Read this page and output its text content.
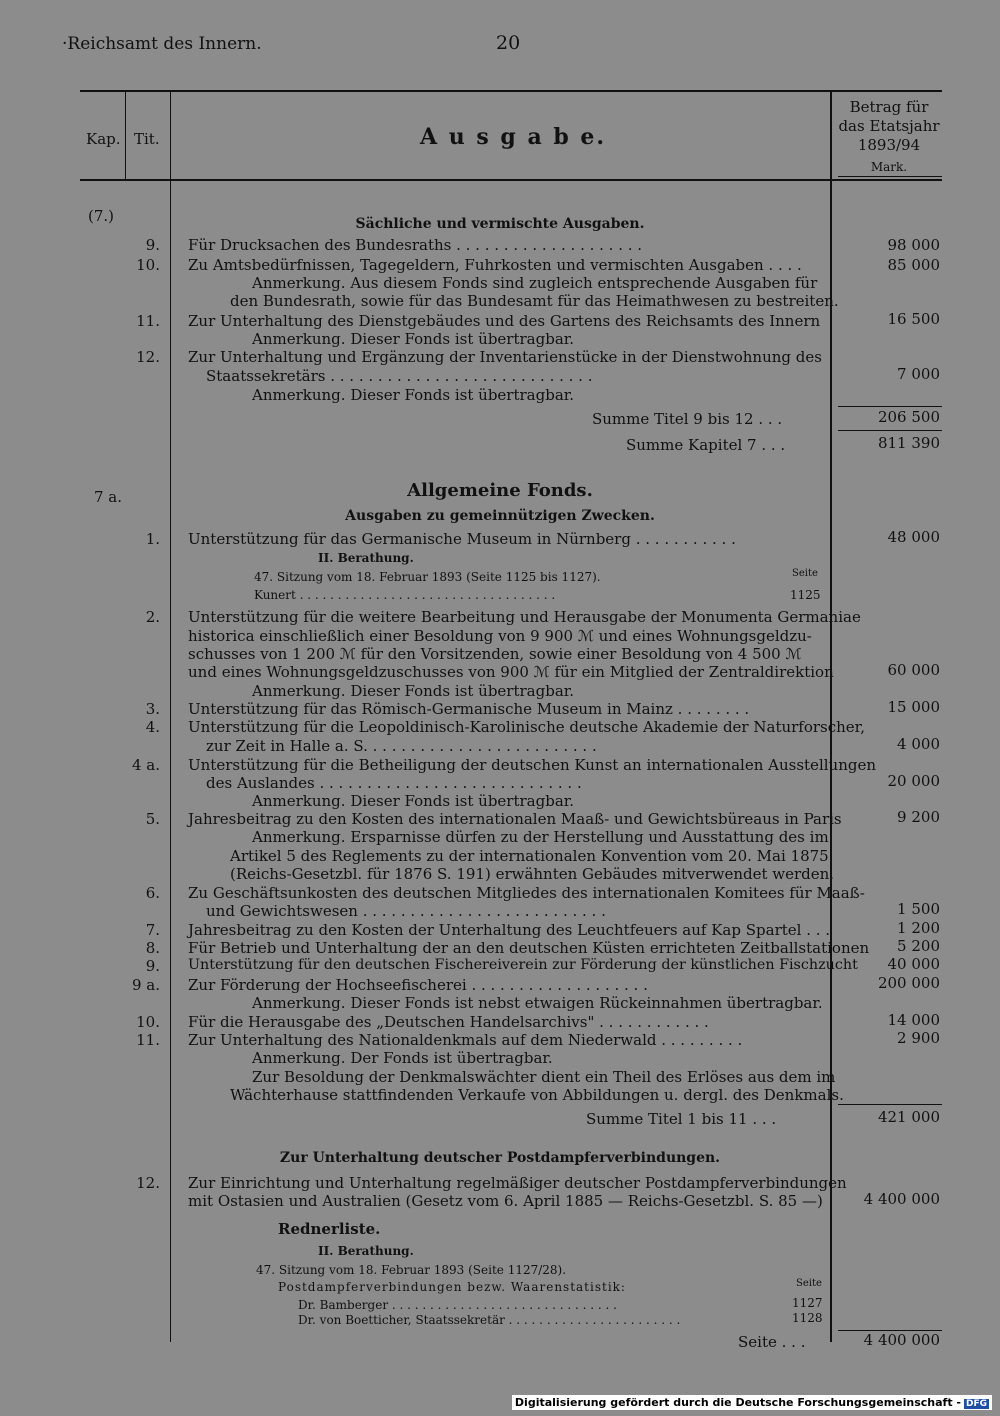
·Reichsamt des Innern.	20
Kap. Tit.	A u s g a b e.
Betrag für
das Etatsjahr
1893/94
Mark.
(7.)	Sächliche und vermischte Ausgaben.
9. Für Drucksachen des Bundesraths . . . . . . . . . . . . . . . . . . . .	98 000
10. Zu Amtsbedürfnissen, Tagegeldern, Fuhrkosten und vermischten Ausgaben . . . .	85 000
Anmerkung. Aus diesem Fonds sind zugleich entsprechende Ausgaben für
den Bundesrath, sowie für das Bundesamt für das Heimathwesen zu bestreiten.
11. Zur Unterhaltung des Dienstgebäudes und des Gartens des Reichsamts des Innern	16 500
Anmerkung. Dieser Fonds ist übertragbar.
12. Zur Unterhaltung und Ergänzung der Inventarienstücke in der Dienstwohnung des
Staatssekretärs . . . . . . . . . . . . . . . . . . . . . . . . . . . .	7 000
Anmerkung. Dieser Fonds ist übertragbar.
Summe Titel 9 bis 12 . . .	206 500
Summe Kapitel 7 . . .	811 390
7 a.	Allgemeine Fonds.
Ausgaben zu gemeinnützigen Zwecken.
1. Unterstützung für das Germanische Museum in Nürnberg . . . . . . . . . . .	48 000
II. Berathung.
47. Sitzung vom 18. Februar 1893 (Seite 1125 bis 1127).	Seite
Kunert . . . . . . . . . . . . . . . . . . . . . . . . . . . . . . . . . .	1125
2. Unterstützung für die weitere Bearbeitung und Herausgabe der Monumenta Germaniae
historica einschließlich einer Besoldung von 9 900 ℳ und eines Wohnungsgeldzu-
schusses von 1 200 ℳ für den Vorsitzenden, sowie einer Besoldung von 4 500 ℳ
und eines Wohnungsgeldzuschusses von 900 ℳ für ein Mitglied der Zentraldirektion	60 000
Anmerkung. Dieser Fonds ist übertragbar.
3. Unterstützung für das Römisch-Germanische Museum in Mainz . . . . . . . .	15 000
4. Unterstützung für die Leopoldinisch-Karolinische deutsche Akademie der Naturforscher,
zur Zeit in Halle a. S. . . . . . . . . . . . . . . . . . . . . . . . .	4 000
4 a. Unterstützung für die Betheiligung der deutschen Kunst an internationalen Ausstellungen
des Auslandes . . . . . . . . . . . . . . . . . . . . . . . . . . . .	20 000
Anmerkung. Dieser Fonds ist übertragbar.
5. Jahresbeitrag zu den Kosten des internationalen Maaß- und Gewichtsbüreaus in Paris	9 200
Anmerkung. Ersparnisse dürfen zu der Herstellung und Ausstattung des im
Artikel 5 des Reglements zu der internationalen Konvention vom 20. Mai 1875
(Reichs-Gesetzbl. für 1876 S. 191) erwähnten Gebäudes mitverwendet werden.
6. Zu Geschäftsunkosten des deutschen Mitgliedes des internationalen Komitees für Maaß-
und Gewichtswesen . . . . . . . . . . . . . . . . . . . . . . . . . .	1 500
7. Jahresbeitrag zu den Kosten der Unterhaltung des Leuchtfeuers auf Kap Spartel . . .	1 200
8. Für Betrieb und Unterhaltung der an den deutschen Küsten errichteten Zeitballstationen 5 200
9. Unterstützung für den deutschen Fischereiverein zur Förderung der künstlichen Fischzucht 40 000
9 a. Zur Förderung der Hochseefischerei . . . . . . . . . . . . . . . . . . .	200 000
Anmerkung. Dieser Fonds ist nebst etwaigen Rückeinnahmen übertragbar.
10. Für die Herausgabe des „Deutschen Handelsarchivs" . . . . . . . . . . . .	14 000
11. Zur Unterhaltung des Nationaldenkmals auf dem Niederwald . . . . . . . . .	2 900
Anmerkung. Der Fonds ist übertragbar.
Zur Besoldung der Denkmalswächter dient ein Theil des Erlöses aus dem im
Wächterhause stattfindenden Verkaufe von Abbildungen u. dergl. des Denkmals.
Summe Titel 1 bis 11 . . .	421 000
Zur Unterhaltung deutscher Postdampferverbindungen.
12. Zur Einrichtung und Unterhaltung regelmäßiger deutscher Postdampferverbindungen
mit Ostasien und Australien (Gesetz vom 6. April 1885 — Reichs-Gesetzbl. S. 85 —)	4 400 000
Rednerliste.
II. Berathung.
47. Sitzung vom 18. Februar 1893 (Seite 1127/28).
Postdampferverbindungen bezw. Waarenstatistik:	Seite
Dr. Bamberger . . . . . . . . . . . . . . . . . . . . . . . . . . . . . .	1127
Dr. von Boetticher, Staatssekretär . . . . . . . . . . . . . . . . . . . . . . .	1128
Seite . . .	4 400 000
Digitalisierung gefördert durch die Deutsche Forschungsgemeinschaft - DFG
